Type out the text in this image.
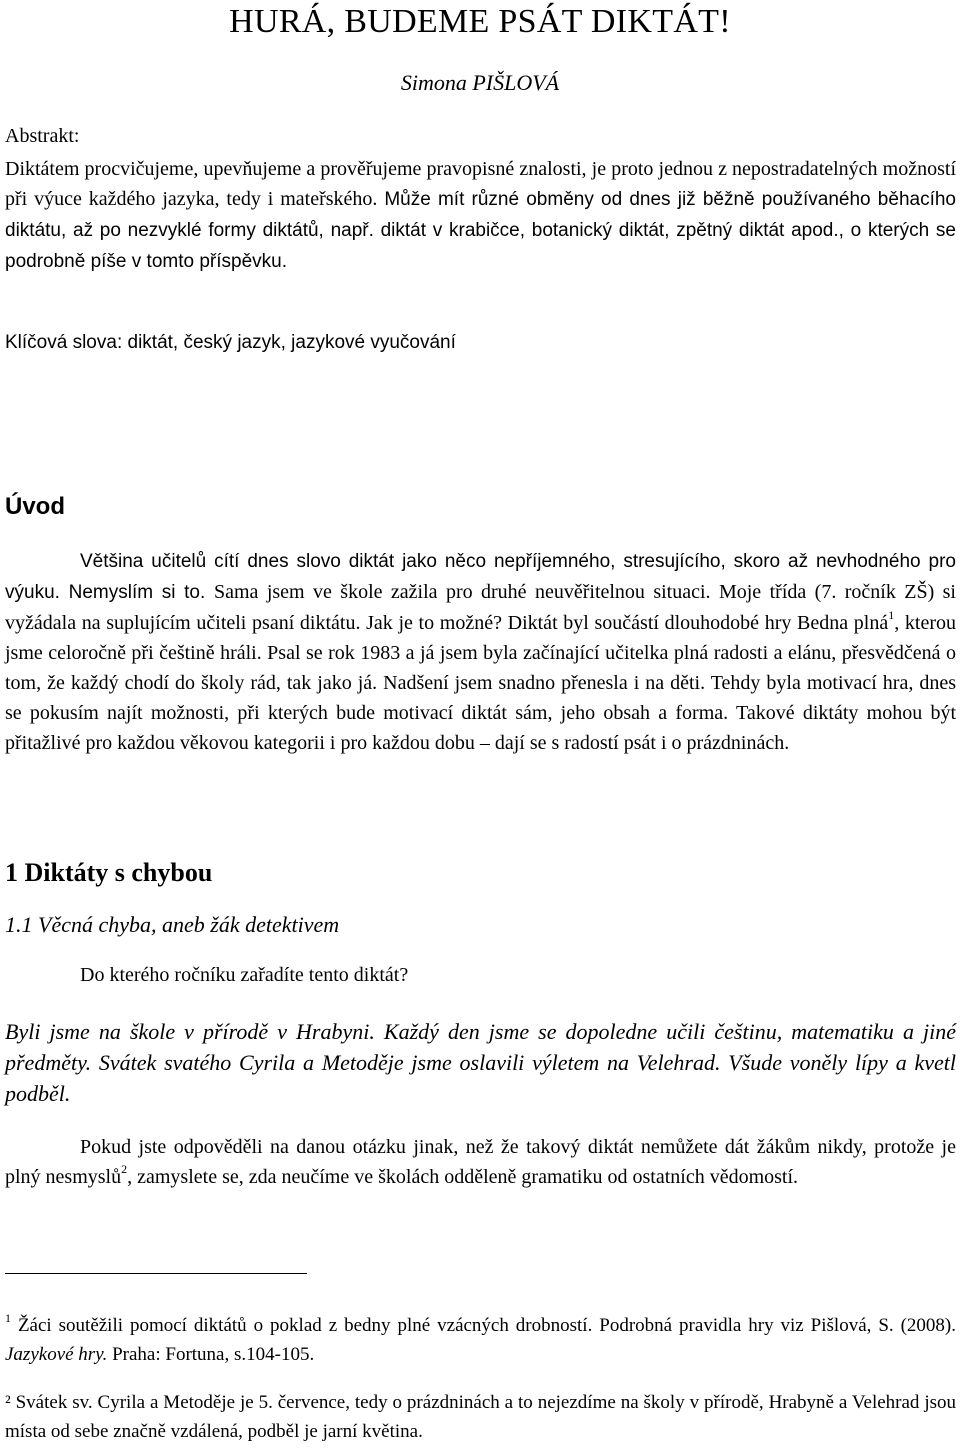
HURÁ, BUDEME PSÁT DIKTÁT!
Simona PIŠLOVÁ
Abstrakt:
Diktátem procvičujeme, upevňujeme a prověřujeme pravopisné znalosti, je proto jednou z nepostradatelných možností při výuce každého jazyka, tedy i mateřského. Může mít různé obměny od dnes již běžně používaného běhacího diktátu, až po nezvyklé formy diktátů, např. diktát v krabičce, botanický diktát, zpětný diktát apod., o kterých se podrobně píše v tomto příspěvku.
Klíčová slova: diktát, český jazyk, jazykové vyučování
Úvod
Většina učitelů cítí dnes slovo diktát jako něco nepříjemného, stresujícího, skoro až nevhodného pro výuku. Nemyslím si to. Sama jsem ve škole zažila pro druhé neuvěřitelnou situaci. Moje třída (7. ročník ZŠ) si vyžádala na suplujícím učiteli psaní diktátu. Jak je to možné? Diktát byl součástí dlouhodobé hry Bedna plná$^1$, kterou jsme celoročně při češtině hráli. Psal se rok 1983 a já jsem byla začínající učitelka plná radosti a elánu, přesvědčená o tom, že každý chodí do školy rád, tak jako já. Nadšení jsem snadno přenesla i na děti. Tehdy byla motivací hra, dnes se pokusím najít možnosti, při kterých bude motivací diktát sám, jeho obsah a forma. Takové diktáty mohou být přitažlivé pro každou věkovou kategorii i pro každou dobu – dají se s radostí psát i o prázdninách.
1 Diktáty s chybou
1.1 Věcná chyba, aneb žák detektivem
Do kterého ročníku zařadíte tento diktát?
Byli jsme na škole v přírodě v Hrabyni. Každý den jsme se dopoledne učili češtinu, matematiku a jiné předměty. Svátek svatého Cyrila a Metoděje jsme oslavili výletem na Velehrad. Všude voněly lípy a kvetl podběl.
Pokud jste odpověděli na danou otázku jinak, než že takový diktát nemůžete dát žákům nikdy, protože je plný nesmyslů$^2$, zamyslete se, zda neučíme ve školách odděleně gramatiku od ostatních vědomostí.
$^1$ Žáci soutěžili pomocí diktátů o poklad z bedny plné vzácných drobností. Podrobná pravidla hry viz Pišlová, S. (2008). Jazykové hry. Praha: Fortuna, s.104-105.
² Svátek sv. Cyrila a Metoděje je 5. července, tedy o prázdninách a to nejezdíme na školy v přírodě, Hrabyně a Velehrad jsou místa od sebe značně vzdálená, podběl je jarní květina.
